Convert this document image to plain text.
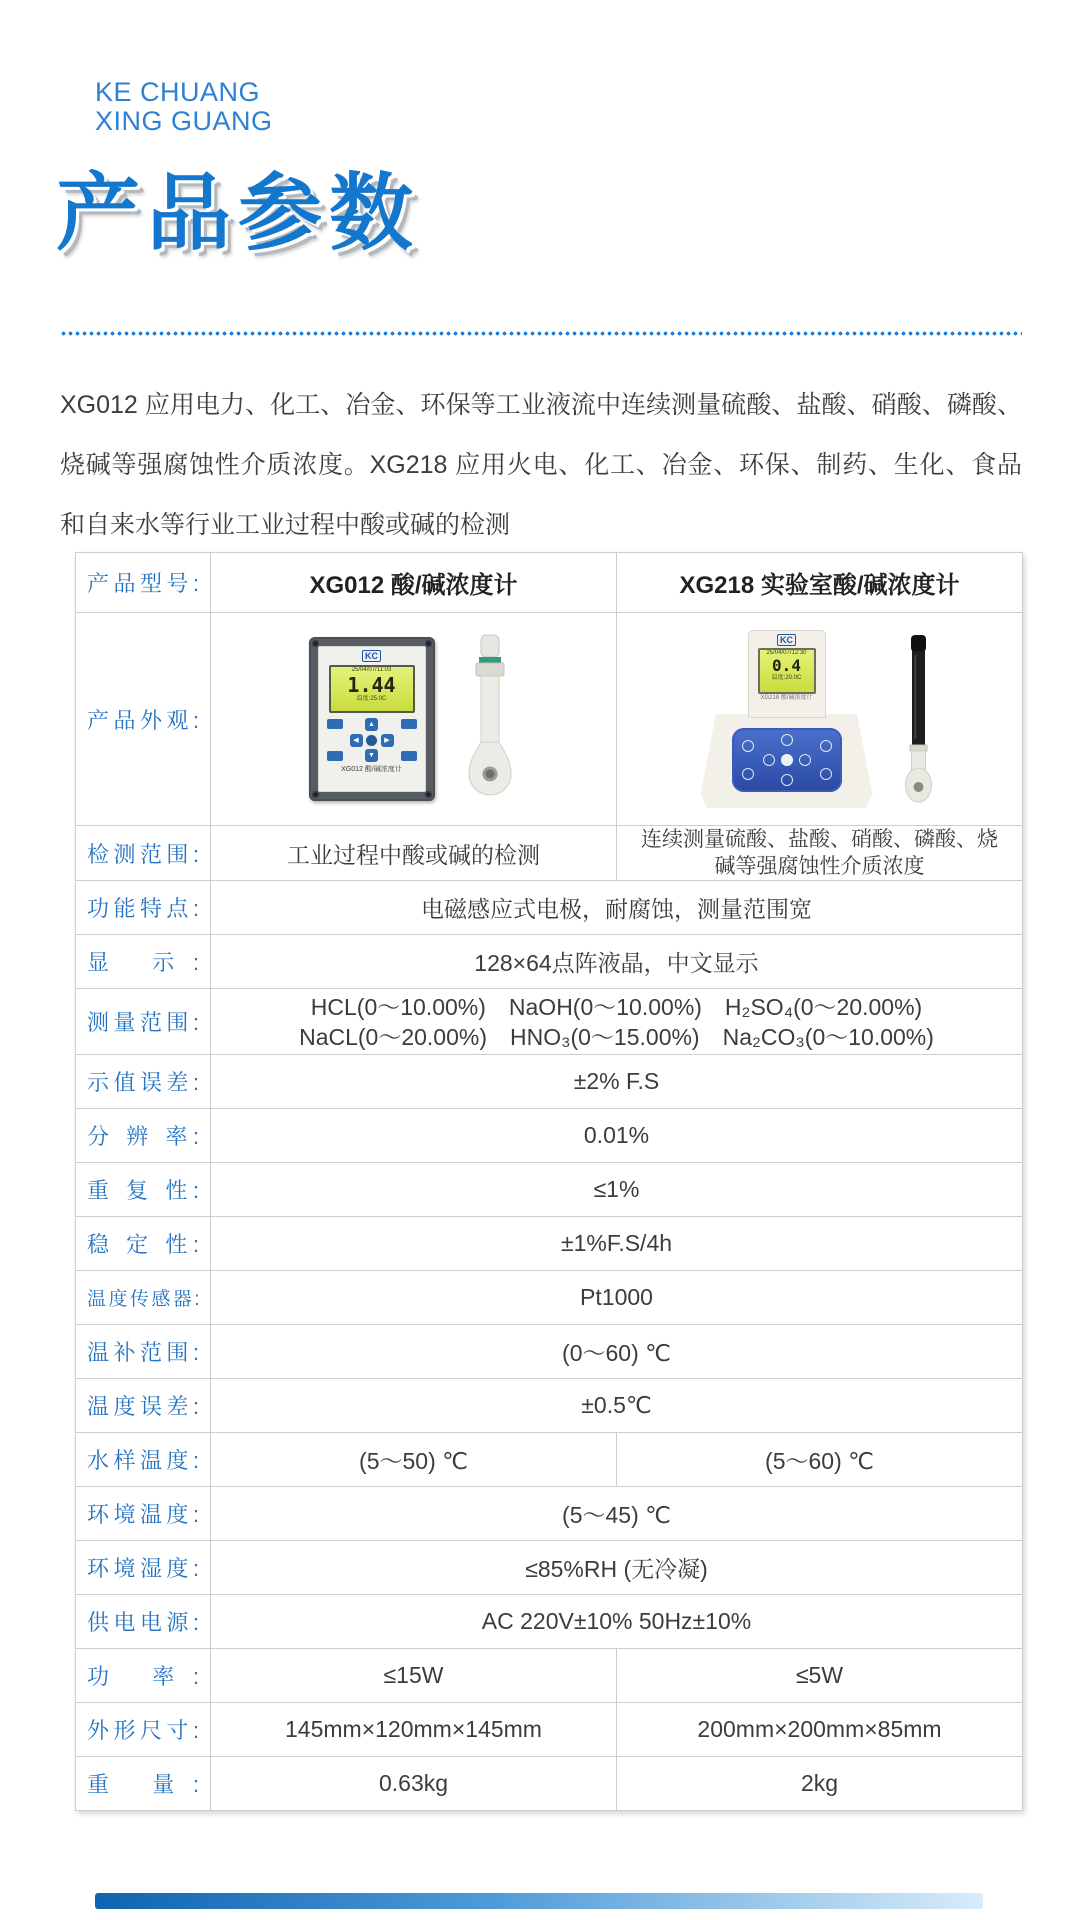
KE CHUANG
XING GUANG
产品参数
XG012 应用电力、化工、冶金、环保等工业液流中连续测量硫酸、盐酸、硝酸、磷酸、
烧碱等强腐蚀性介质浓度。XG218 应用火电、化工、冶金、环保、制药、生化、食品
和自来水等行业工业过程中酸或碱的检测
产品型号:	XG012 酸/碱浓度计	XG218 实验室酸/碱浓度计
产品外观:	
KC
25/04/07/11:03
1.44
温度:25.0C
▲
▼
◀	▶
XG012 酸/碱浓度计

KC
25/04/07/12:30
0.4
温度:20.0C
XG218 酸/碱浓度计

检测范围:	工业过程中酸或碱的检测	连续测量硫酸、盐酸、硝酸、磷酸、烧碱等强腐蚀性介质浓度
功能特点:	电磁感应式电极，耐腐蚀，测量范围宽	
显 示:	128×64点阵液晶，中文显示	
测量范围:	HCL(0～10.00%)　NaOH(0～10.00%)　H₂SO₄(0～20.00%)
NaCL(0～20.00%)　HNO₃(0～15.00%)　Na₂CO₃(0～10.00%)	

示值误差:	±2% F.S	
分 辨 率:	0.01%	
重 复 性:	≤1%	
稳 定 性:	±1%F.S/4h	
温度传感器:	Pt1000	
温补范围:	(0～60) ℃	
温度误差:	±0.5℃	
水样温度:	(5～50) ℃	(5～60) ℃
环境温度:	(5～45) ℃	
环境湿度:	≤85%RH (无冷凝)	
供电电源:	AC 220V±10% 50Hz±10%	
功 率:	≤15W	≤5W
外形尺寸:	145mm×120mm×145mm	200mm×200mm×85mm
重 量:	0.63kg	2kg
